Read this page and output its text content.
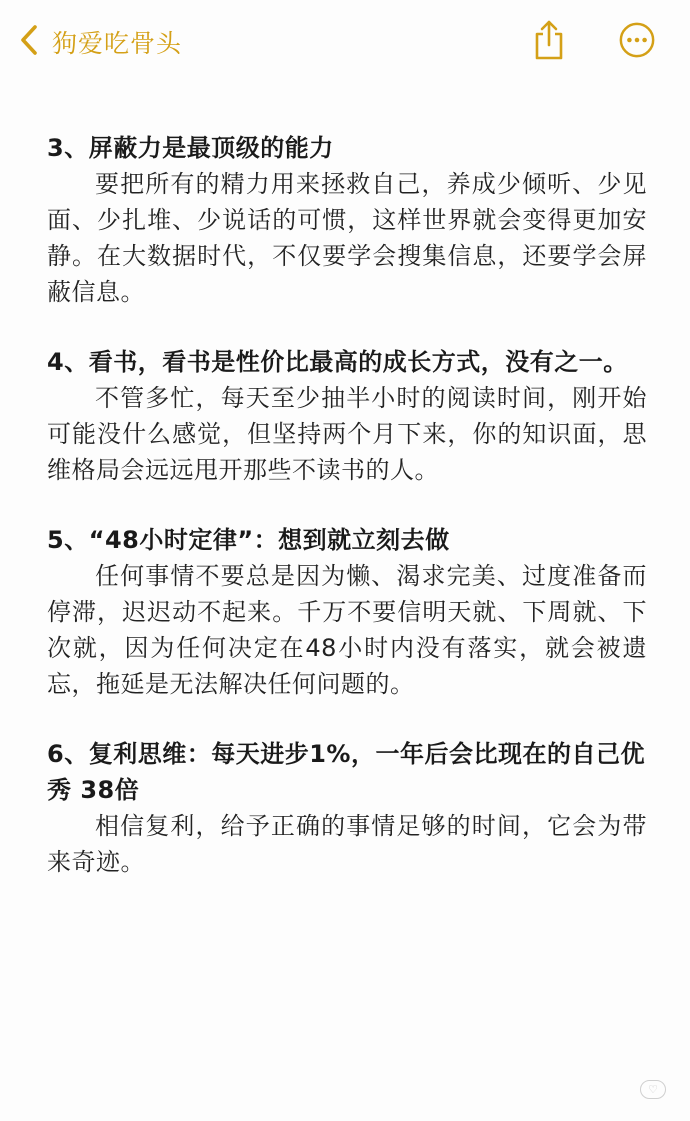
狗爱吃骨头
3、屏蔽力是最顶级的能力
要把所有的精力用来拯救自己，养成少倾听、少见面、少扎堆、少说话的可惯，这样世界就会变得更加安静。在大数据时代，不仅要学会搜集信息，还要学会屏蔽信息。
4、看书，看书是性价比最高的成长方式，没有之一。
不管多忙，每天至少抽半小时的阅读时间，刚开始可能没什么感觉，但坚持两个月下来，你的知识面，思维格局会远远甩开那些不读书的人。
5、“48小时定律”：想到就立刻去做
任何事情不要总是因为懒、渴求完美、过度准备而停滞，迟迟动不起来。千万不要信明天就、下周就、下次就，因为任何决定在48小时内没有落实，就会被遗忘，拖延是无法解决任何问题的。
6、复利思维：每天进步1%，一年后会比现在的自己优秀 38倍
相信复利，给予正确的事情足够的时间，它会为带来奇迹。
♡
